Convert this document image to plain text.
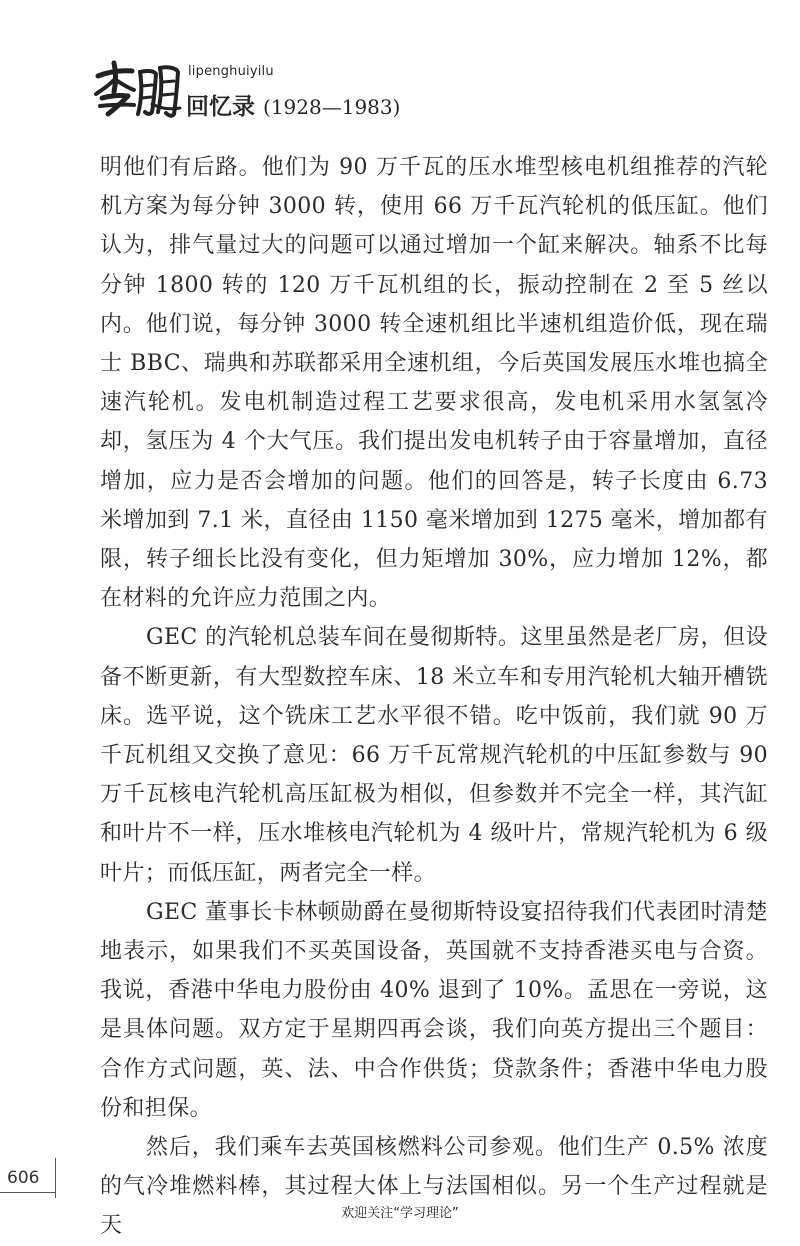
lipenghuiyilu
回忆录 (1928—1983)

明他们有后路。他们为 90 万千瓦的压水堆型核电机组推荐的汽轮机方案为每分钟 3000 转，使用 66 万千瓦汽轮机的低压缸。他们认为，排气量过大的问题可以通过增加一个缸来解决。轴系不比每分钟 1800 转的 120 万千瓦机组的长，振动控制在 2 至 5 丝以内。他们说，每分钟 3000 转全速机组比半速机组造价低，现在瑞士 BBC、瑞典和苏联都采用全速机组，今后英国发展压水堆也搞全速汽轮机。发电机制造过程工艺要求很高，发电机采用水氢氢冷却，氢压为 4 个大气压。我们提出发电机转子由于容量增加，直径增加，应力是否会增加的问题。他们的回答是，转子长度由 6.73 米增加到 7.1 米，直径由 1150 毫米增加到 1275 毫米，增加都有限，转子细长比没有变化，但力矩增加 30%，应力增加 12%，都在材料的允许应力范围之内。

GEC 的汽轮机总装车间在曼彻斯特。这里虽然是老厂房，但设备不断更新，有大型数控车床、18 米立车和专用汽轮机大轴开槽铣床。选平说，这个铣床工艺水平很不错。吃中饭前，我们就 90 万千瓦机组又交换了意见：66 万千瓦常规汽轮机的中压缸参数与 90 万千瓦核电汽轮机高压缸极为相似，但参数并不完全一样，其汽缸和叶片不一样，压水堆核电汽轮机为 4 级叶片，常规汽轮机为 6 级叶片；而低压缸，两者完全一样。

GEC 董事长卡林顿勋爵在曼彻斯特设宴招待我们代表团时清楚地表示，如果我们不买英国设备，英国就不支持香港买电与合资。我说，香港中华电力股份由 40% 退到了 10%。孟思在一旁说，这是具体问题。双方定于星期四再会谈，我们向英方提出三个题目：合作方式问题，英、法、中合作供货；贷款条件；香港中华电力股份和担保。

然后，我们乘车去英国核燃料公司参观。他们生产 0.5% 浓度的气冷堆燃料棒，其过程大体上与法国相似。另一个生产过程就是天

606
欢迎关注“学习理论”
